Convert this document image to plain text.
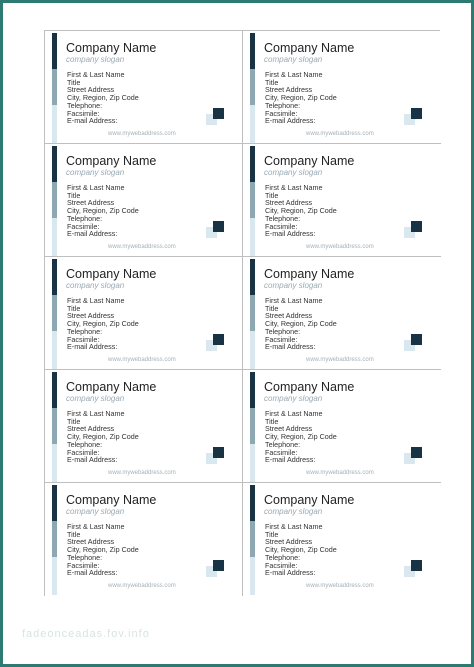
Company Name
company slogan
First & Last Name
Title
Street Address
City, Region, Zip Code
Telephone:
Facsimile:
E-mail Address:
www.mywebaddress.com
Company Name
company slogan
First & Last Name
Title
Street Address
City, Region, Zip Code
Telephone:
Facsimile:
E-mail Address:
www.mywebaddress.com
Company Name
company slogan
First & Last Name
Title
Street Address
City, Region, Zip Code
Telephone:
Facsimile:
E-mail Address:
www.mywebaddress.com
Company Name
company slogan
First & Last Name
Title
Street Address
City, Region, Zip Code
Telephone:
Facsimile:
E-mail Address:
www.mywebaddress.com
Company Name
company slogan
First & Last Name
Title
Street Address
City, Region, Zip Code
Telephone:
Facsimile:
E-mail Address:
www.mywebaddress.com
Company Name
company slogan
First & Last Name
Title
Street Address
City, Region, Zip Code
Telephone:
Facsimile:
E-mail Address:
www.mywebaddress.com
Company Name
company slogan
First & Last Name
Title
Street Address
City, Region, Zip Code
Telephone:
Facsimile:
E-mail Address:
www.mywebaddress.com
Company Name
company slogan
First & Last Name
Title
Street Address
City, Region, Zip Code
Telephone:
Facsimile:
E-mail Address:
www.mywebaddress.com
Company Name
company slogan
First & Last Name
Title
Street Address
City, Region, Zip Code
Telephone:
Facsimile:
E-mail Address:
www.mywebaddress.com
Company Name
company slogan
First & Last Name
Title
Street Address
City, Region, Zip Code
Telephone:
Facsimile:
E-mail Address:
www.mywebaddress.com
fadeonceadas.fov.info
